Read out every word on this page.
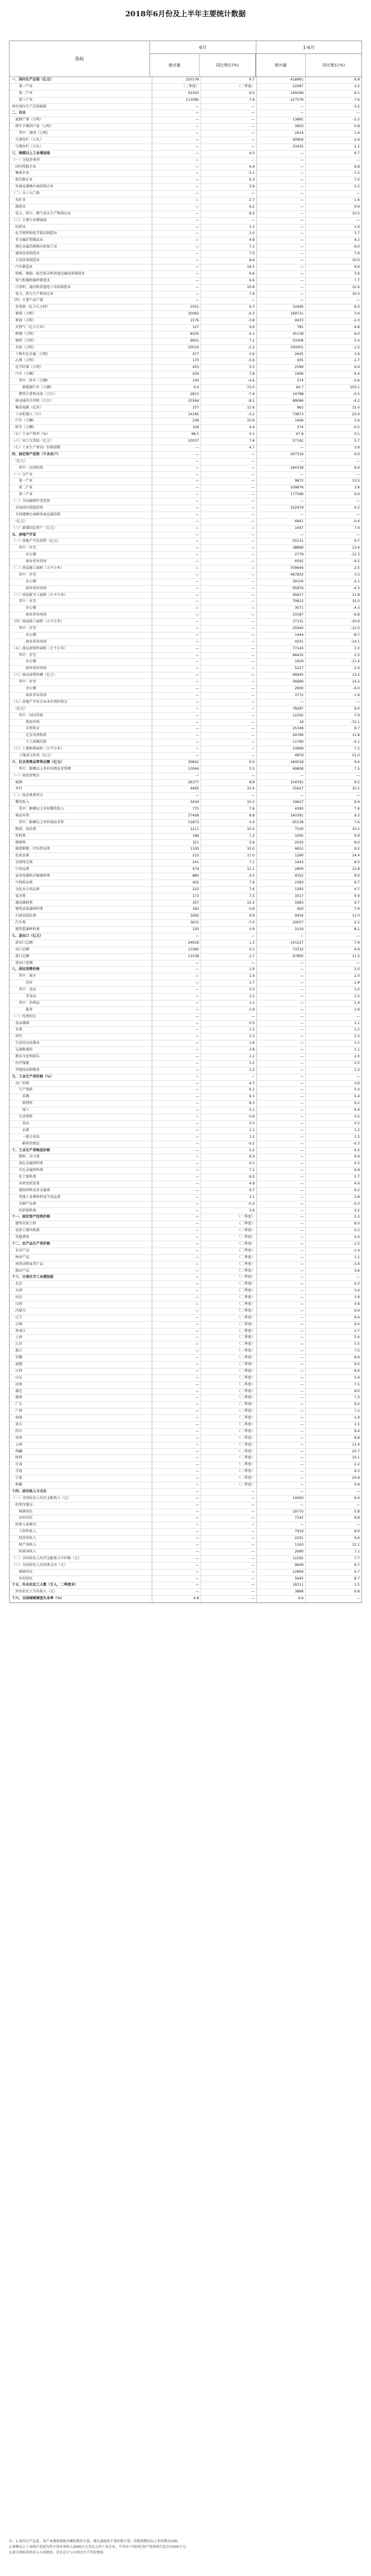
2018年6月份及上半年主要统计数据
指标
6月
绝对量	同比增长(%)
1-6月
绝对量	同比增长(%)
一、国内生产总值（亿元）	220178	6.7	418961	6.8
　　第一产业	（二季度）	（二季度）	22087	3.2
　　第二产业	91563	6.0	169299	6.1
　　第三产业	113585	7.6	227576	7.6
单位国内生产总值能耗	—	—	—	-3.2
二、农业	—	—	—	—
　夏粮产量（万吨）	—	—	13881	-2.2
　猪牛羊禽肉产量（万吨）	—	—	3903	0.8
　　其中：猪肉（万吨）	—	—	2614	1.4
　生猪存栏（万头）	—	—	40904	-2.6
　生猪出栏（万头）	—	—	33432	1.2
三、规模以上工业增加值	—	6.0	—	6.7
（一）分经济类型	—	—	—	—
　国有控股企业	—	6.4	—	6.8
　集体企业	—	-3.1	—	-1.5
　股份制企业	—	6.3	—	7.0
　外商及港澳台商投资企业	—	3.9	—	5.5
（二）分三大门类	—	—	—	—
　采矿业	—	2.7	—	1.6
　制造业	—	6.2	—	6.9
　电力、热力、燃气及水生产和供应业	—	8.2	—	10.5
（三）主要行业增加值	—	—	—	—
　纺织业	—	1.3	—	1.6
　化学原料和化学制品制造业	—	2.0	—	3.7
　非金属矿物制品业	—	4.8	—	4.2
　黑色金属冶炼和压延加工业	—	7.1	—	6.0
　通用设备制造业	—	7.0	—	7.9
　专用设备制造业	—	8.6	—	10.0
　汽车制造业	—	14.5	—	9.6
　铁路、船舶、航空航天和其他运输设备制造业	—	4.6	—	3.9
　电气机械和器材制造业	—	6.6	—	7.7
　计算机、通信和其他电子设备制造业	—	10.8	—	12.6
　电力、热力生产和供应业	—	7.6	—	10.3
（四）主要产品产量	—	—	—	—
　发电量（亿千瓦小时）	5551	6.7	31945	8.3
　原煤（万吨）	30062	-0.3	169731	3.9
　原油（万吨）	1576	-3.8	9433	-2.0
　天然气（亿立方米）	127	4.6	781	4.8
　粗钢（万吨）	8105	6.1	45138	6.0
　钢材（万吨）	9651	7.2	53308	5.4
　水泥（万吨）	20019	-2.2	100001	-1.5
　十种有色金属（万吨）	477	3.6	2645	3.9
　乙烯（万吨）	170	-5.6	935	-1.7
　化学纤维（万吨）	453	5.3	2589	6.9
　汽车（万辆）	229	7.8	1406	4.4
　　其中：轿车（万辆）	100	-4.6	574	-0.6
　　　新能源汽车（万辆）	9.4	73.0	44.7	103.1
　　微型计算机设备（万台）	2813	-7.6	14788	-0.5
　移动通信手持机（万台）	15564	-8.2	89066	-4.2
　集成电路（亿块）	157	13.9	862	15.0
　工业机器人（台）	14185	-3.2	73873	23.9
　汽车（万辆）	238	10.9	1406	3.6
　轿车（万辆）	104	4.4	574	-0.5
（五）工业产销率（%）	98.5	0.1	97.8	0.1
（六）出口交货值（亿元）	10537	7.6	57162	5.7
（七）工业生产者出厂价格指数	—	4.7	—	3.9
四、固定资产投资（不含农户）	—	—	297316	6.0
　（亿元）	—	—	—	—
　　其中：民间投资	—	—	184338	8.4
（一）分产业	—	—	—	—
　　第一产业	—	—	9872	13.5
　　第二产业	—	—	109876	3.8
　　第三产业	—	—	177566	6.9
（二）全国城镇住宅投资	—	—	—	—
　全国国有控股投资	—	—	102479	4.2
　全国港澳台商和外商直接投资	—	—	—	—
　（亿元）	—	—	6841	-0.4
（三）新增固定资产（亿元）	—	—	1067	7.9
五、房地产开发	—	—	—	—
（一）房地产开发投资（亿元）	—	—	55531	9.7
　　其中：住宅	—	—	38899	13.6
　　　　办公楼	—	—	2779	-11.3
　　　　商业营业用房	—	—	6592	-9.2
（二）房屋施工面积（万平方米）	—	—	709649	2.5
　　其中：住宅	—	—	487833	3.3
　　　　办公楼	—	—	34104	-2.1
　　　　商业营业用房	—	—	95876	-4.3
（三）房屋新开工面积（万平方米）	—	—	95817	11.8
　　其中：住宅	—	—	70812	15.0
　　　　办公楼	—	—	3071	-4.3
　　　　商业营业用房	—	—	10187	-6.8
（四）房屋竣工面积（万平方米）	—	—	37131	-10.6
　　其中：住宅	—	—	25940	-12.0
　　　　办公楼	—	—	1444	-8.7
　　　　商业营业用房	—	—	4501	-14.1
（五）商品房销售面积（万平方米）	—	—	77143	3.3
　　其中：住宅	—	—	66432	2.5
　　　　办公楼	—	—	1929	-11.4
　　　　商业营业用房	—	—	5227	-2.4
（六）商品房销售额（亿元）	—	—	66945	13.2
　　其中：住宅	—	—	56680	14.2
　　　　办公楼	—	—	2830	-6.0
　　　　商业营业用房	—	—	3772	1.9
（七）房地产开发企业本年到位资金	—	—	—	—
　（亿元）	—	—	78287	6.0
　　其中：国内贷款	—	—	12292	-7.9
　　　　利用外资	—	—	18	-72.1
　　　　自筹资金	—	—	25348	8.7
　　　　定金及预收款	—	—	24766	11.8
　　　　个人按揭贷款	—	—	11760	-4.1
（八）土地购置面积（万平方米）	—	—	10969	7.2
　　土地成交价款（亿元）	—	—	4879	21.0
六、社会消费品零售总额（亿元）	30842	9.0	180018	9.4
　　其中：限额以上单位消费品零售额	13044	5.5	69808	7.5
（一）按经营地分	—	—	—	—
　城镇	26377	8.8	154391	9.2
　乡村	4465	10.4	25627	10.5
（二）按消费类型分	—	—	—	—
　餐饮收入	3434	10.3	19627	9.9
　　其中：限额以上单位餐饮收入	775	7.6	4390	7.4
　商品零售	27408	8.8	160391	9.3
　　其中：限额以上单位商品零售	11873	5.4	65538	7.6
　粮油、食品类	1211	10.2	7530	10.1
　饮料类	186	7.2	1002	9.9
　烟酒类	321	5.6	2032	8.0
　服装鞋帽、针纺织品类	1100	10.0	6652	9.2
　化妆品类	212	17.0	1260	14.4
　金银珠宝类	241	7.1	1443	8.3
　日用品类	474	11.1	2800	13.8
　家用电器和音像器材类	880	4.5	4352	8.0
　中西药品类	402	7.6	2383	8.7
　文化办公用品类	222	7.6	1393	4.7
　家具类	173	7.5	1017	9.9
　通讯器材类	357	13.3	1983	9.7
　建筑及装潢材料类	183	0.8	950	7.9
　石油及制品类	1692	9.9	9454	11.0
　汽车类	3631	-7.0	20057	2.2
　建筑装潢材料类	150	0.9	1019	8.1
七、进出口（亿元）	—	—	—	—
　进出口总额	24918	1.3	141227	7.9
　出口总额	13380	0.1	73332	4.9
　进口总额	11538	2.7	67895	11.5
　进出口差额	—	—	—	—
八、居民消费价格	—	1.9	—	2.0
　　其中：城市	—	1.9	—	2.0
　　　　农村	—	1.7	—	1.8
　　其中：食品	—	0.3	—	1.0
　　　　非食品	—	2.2	—	2.2
　　其中：消费品	—	1.2	—	1.4
　　　　服务	—	2.9	—	2.9
（一）按类别分	—	—	—	—
　食品烟酒	—	0.5	—	1.1
　衣着	—	1.2	—	1.2
　居住	—	2.3	—	2.2
　生活用品及服务	—	1.6	—	1.5
　交通和通信	—	2.8	—	1.1
　教育文化和娱乐	—	2.2	—	2.0
　医疗保健	—	5.2	—	5.5
　其他用品和服务	—	1.2	—	1.2
九、工业生产者价格（%）	—	—	—	—
　出厂价格	—	4.7	—	3.9
　　生产资料	—	6.1	—	5.0
　　　采掘	—	9.3	—	5.4
　　　原材料	—	8.3	—	6.2
　　　加工	—	5.1	—	4.4
　　生活资料	—	0.6	—	0.5
　　　食品	—	0.3	—	0.2
　　　衣着	—	1.1	—	1.2
　　　一般日用品	—	1.2	—	1.2
　　　耐用消费品	—	-0.2	—	-0.3
十、工业生产者购进价格	—	5.2	—	4.5
　　燃料、动力类	—	8.3	—	6.9
　　黑色金属材料类	—	6.1	—	4.3
　　有色金属材料类	—	7.1	—	6.8
　　化工原料类	—	6.5	—	5.7
　　木材及纸浆类	—	4.9	—	4.9
　　建筑材料及非金属类	—	9.7	—	9.2
　　其他工业原材料及半成品类	—	3.1	—	2.8
　　农副产品类	—	-0.2	—	-0.3
　　纺织原料类	—	3.6	—	3.2
十一、固定资产投资价格	—	（二季度）	—	5.3
　建筑安装工程	—	（二季度）	—	6.0
　设备工器具购置	—	（二季度）	—	0.2
　其他费用	—	（二季度）	—	4.4
十二、农产品生产者价格	—	（二季度）	—	-1.5
　农业产品	—	（二季度）	—	-1.4
　林业产品	—	（二季度）	—	1.1
　饲养动物及其产品	—	（二季度）	—	-3.9
　渔业产品	—	（二季度）	—	3.6
十三、分省区市工业增加值	—	（二季度）	—	—
　北京	—	（二季度）	—	4.3
　天津	—	（二季度）	—	3.4
　河北	—	（二季度）	—	3.9
　山西	—	（二季度）	—	4.8
　内蒙古	—	（二季度）	—	6.9
　辽宁	—	（二季度）	—	9.4
　吉林	—	（二季度）	—	6.0
　黑龙江	—	（二季度）	—	2.7
　上海	—	（二季度）	—	5.4
　江苏	—	（二季度）	—	5.5
　浙江	—	（二季度）	—	7.5
　安徽	—	（二季度）	—	8.9
　福建	—	（二季度）	—	9.5
　江西	—	（二季度）	—	8.9
　山东	—	（二季度）	—	5.6
　河南	—	（二季度）	—	7.5
　湖北	—	（二季度）	—	8.0
　湖南	—	（二季度）	—	7.3
　广东	—	（二季度）	—	6.0
　广西	—	（二季度）	—	7.2
　海南	—	（二季度）	—	1.9
　重庆	—	（二季度）	—	1.5
　四川	—	（二季度）	—	8.4
　贵州	—	（二季度）	—	8.8
　云南	—	（二季度）	—	11.4
　西藏	—	（二季度）	—	20.7
　陕西	—	（二季度）	—	10.1
　甘肃	—	（二季度）	—	2.2
　青海	—	（二季度）	—	9.3
　宁夏	—	（二季度）	—	24.8
　新疆	—	（二季度）	—	4.9
十四、居民收入与支出	—	—	—	—
（一）全国居民人均可支配收入（元）	—	—	14063	6.6
　按常住地分：	—	—	—	—
　　城镇居民	—	—	19770	5.8
　　农村居民	—	—	7142	6.8
　按收入来源分：	—	—	—	—
　　工资性收入	—	—	7919	8.9
　　经营净收入	—	—	2291	6.6
　　财产净收入	—	—	1163	12.1
　　转移净收入	—	—	2690	7.1
（二）全国居民人均可支配收入中位数（元）	—	—	12262	7.7
（三）全国居民人均消费支出（元）	—	—	9609	6.7
　　城镇居民	—	—	12964	4.7
　　农村居民	—	—	5645	8.7
十五、外出农民工人数（万人，二季度末）	—	—	18311	1.5
　外出农民工月均收入（元）	—	—	3868	6.8
十六、全国城镇调查失业率（%）	4.8	—	4.9	—
注：1.国内生产总值、各产业增加值绝对额按现价计算，增长速度按不变价格计算；价格指数均以上年同期为100。
2.规模以上工业统计范围为年主营业务收入2000万元及以上的工业企业，不含农户的固定资产投资统计起点为500万元。
3.部分指标因四舍五入的原因，存在总计与分项合计不等的情况。
